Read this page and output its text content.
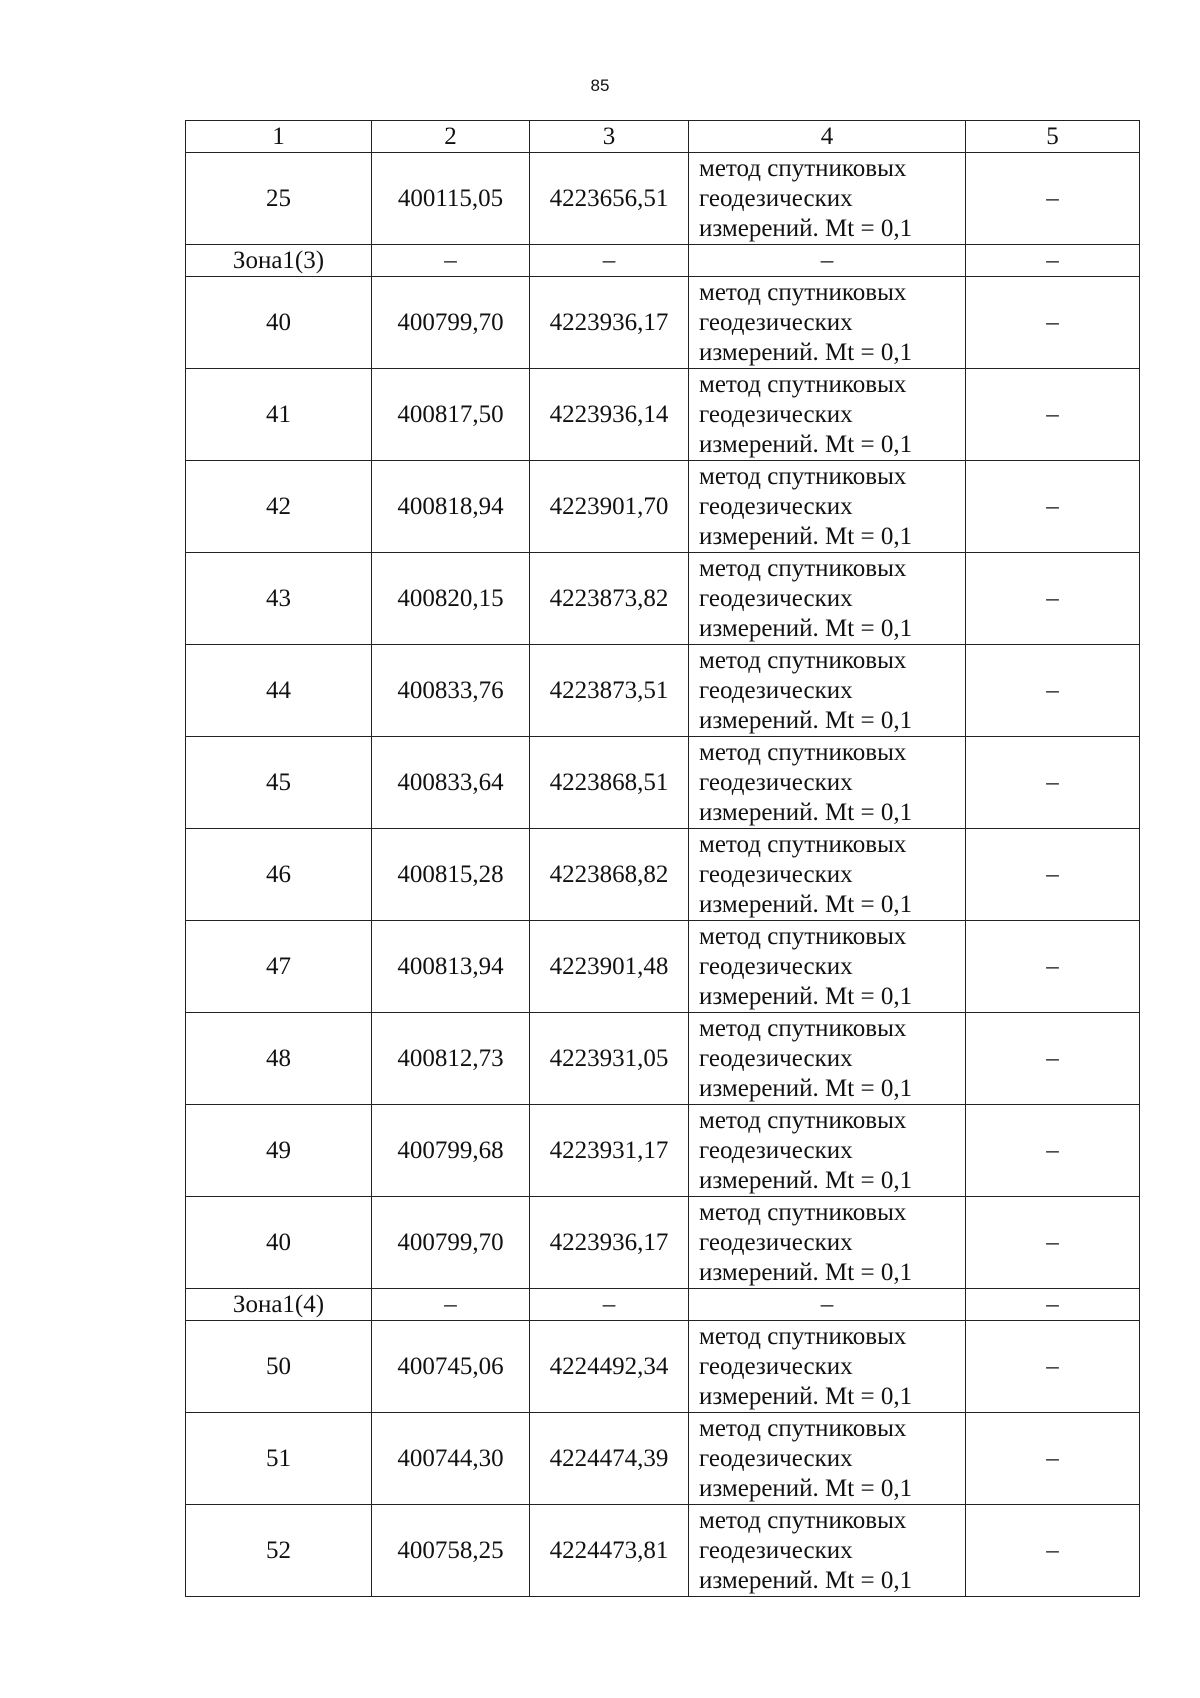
85
1	2	3	4	5
25	400115,05	4223656,51	метод спутниковых
геодезических
измерений. Mt = 0,1	–
Зона1(3)	–	–	–	–
40	400799,70	4223936,17	метод спутниковых
геодезических
измерений. Mt = 0,1	–
41	400817,50	4223936,14	метод спутниковых
геодезических
измерений. Mt = 0,1	–
42	400818,94	4223901,70	метод спутниковых
геодезических
измерений. Mt = 0,1	–
43	400820,15	4223873,82	метод спутниковых
геодезических
измерений. Mt = 0,1	–
44	400833,76	4223873,51	метод спутниковых
геодезических
измерений. Mt = 0,1	–
45	400833,64	4223868,51	метод спутниковых
геодезических
измерений. Mt = 0,1	–
46	400815,28	4223868,82	метод спутниковых
геодезических
измерений. Mt = 0,1	–
47	400813,94	4223901,48	метод спутниковых
геодезических
измерений. Mt = 0,1	–
48	400812,73	4223931,05	метод спутниковых
геодезических
измерений. Mt = 0,1	–
49	400799,68	4223931,17	метод спутниковых
геодезических
измерений. Mt = 0,1	–
40	400799,70	4223936,17	метод спутниковых
геодезических
измерений. Mt = 0,1	–
Зона1(4)	–	–	–	–
50	400745,06	4224492,34	метод спутниковых
геодезических
измерений. Mt = 0,1	–
51	400744,30	4224474,39	метод спутниковых
геодезических
измерений. Mt = 0,1	–
52	400758,25	4224473,81	метод спутниковых
геодезических
измерений. Mt = 0,1	–
